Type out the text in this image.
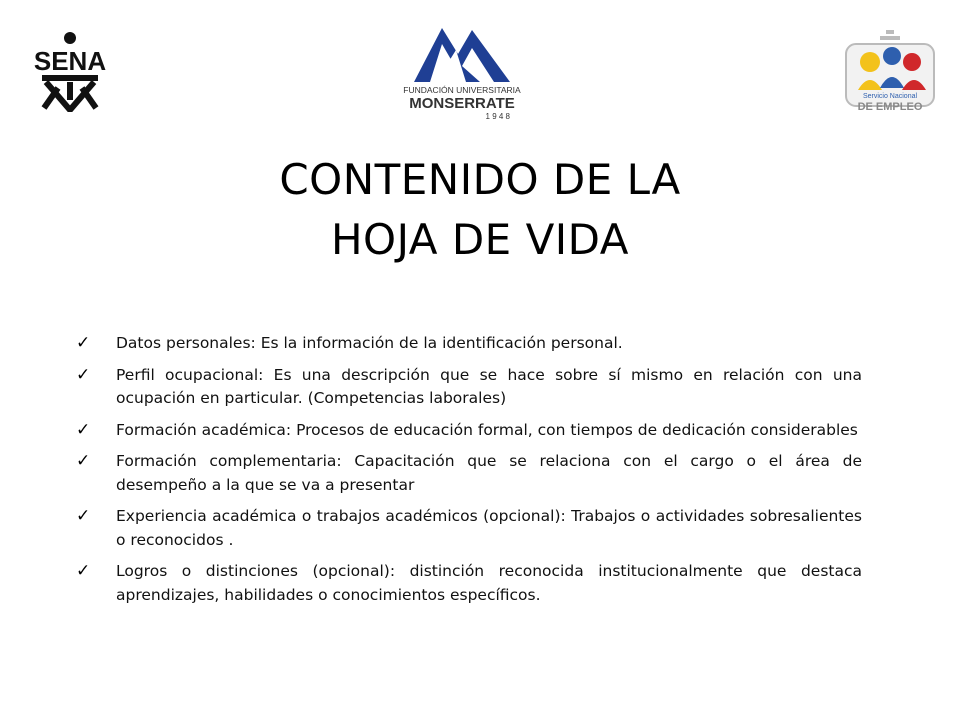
SENA
FUNDACIÓN UNIVERSITARIA
MONSERRATE
1 9 4 8
Servicio Nacional
DE EMPLEO
CONTENIDO DE LA
HOJA DE VIDA
✓ Datos personales: Es la información de la identificación personal.
✓ Perfil ocupacional: Es una descripción que se hace sobre sí mismo en relación con una ocupación en particular. (Competencias laborales)
✓ Formación académica: Procesos de educación formal, con tiempos de dedicación considerables
✓ Formación complementaria: Capacitación que se relaciona con el cargo o el área de desempeño a la que se va a presentar
✓ Experiencia académica o trabajos académicos (opcional): Trabajos o actividades sobresalientes o reconocidos .
✓ Logros o distinciones (opcional): distinción reconocida institucionalmente que destaca aprendizajes, habilidades o conocimientos específicos.
